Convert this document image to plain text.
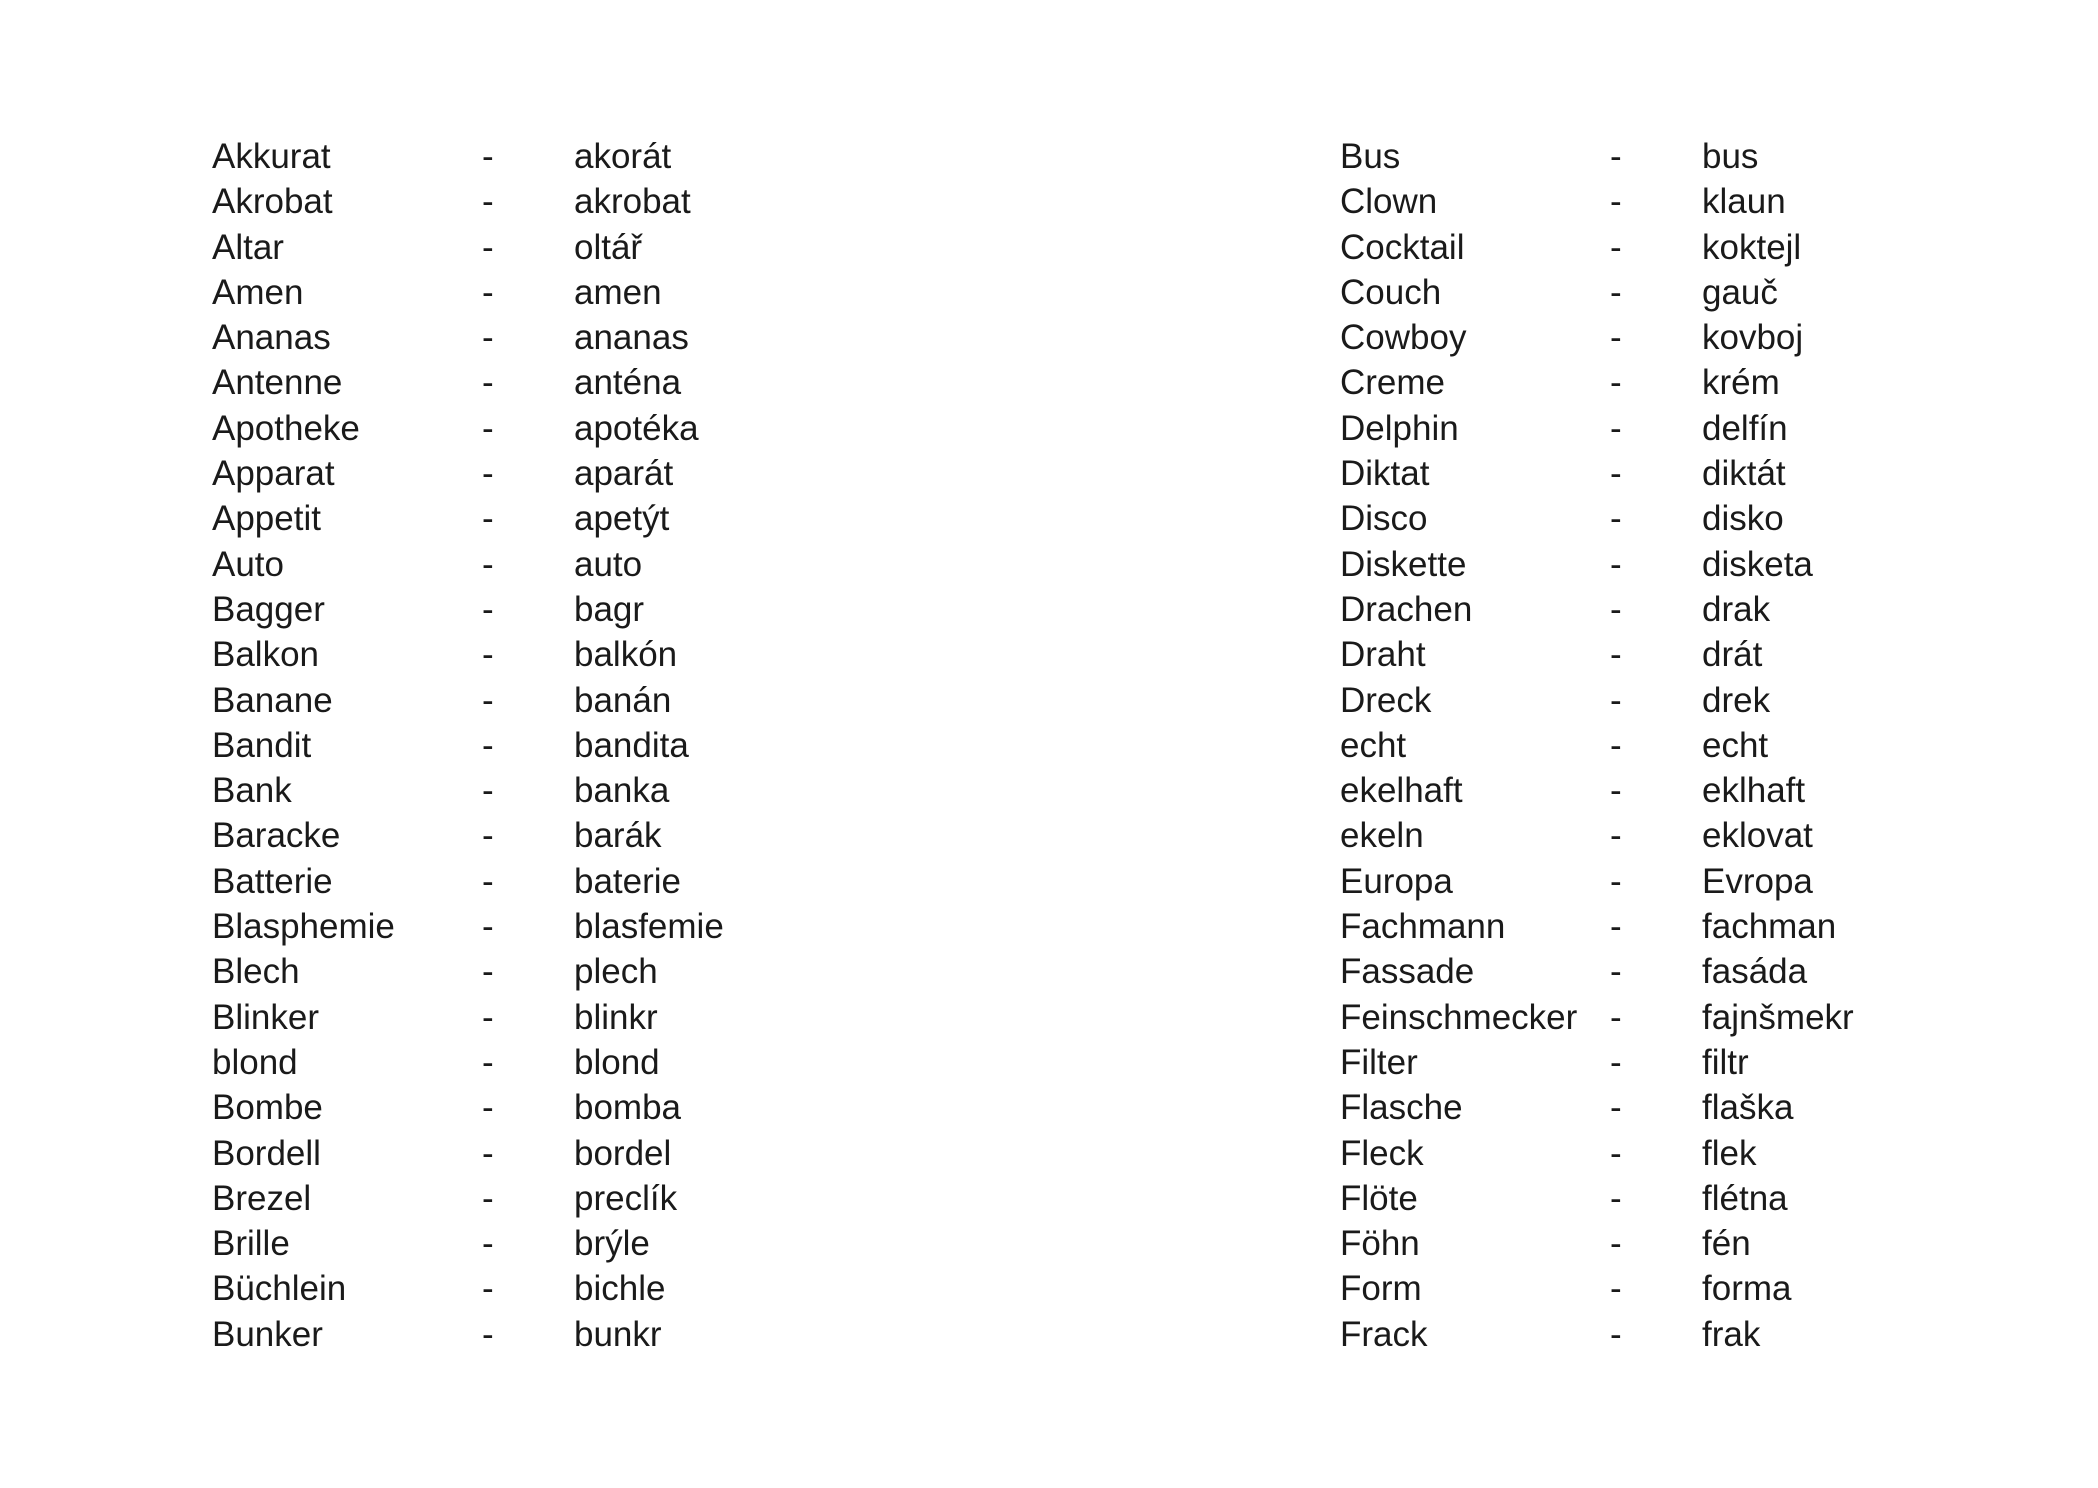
Akkurat	- akorát
Akrobat	- akrobat
Altar	- oltář
Amen	- amen
Ananas	- ananas
Antenne	- anténa
Apotheke	- apotéka
Apparat	- aparát
Appetit	- apetýt
Auto	- auto
Bagger	- bagr
Balkon	- balkón
Banane	- banán
Bandit	- bandita
Bank	- banka
Baracke	- barák
Batterie	- baterie
Blasphemie - blasfemie
Blech	- plech
Blinker	- blinkr
blond	- blond
Bombe	- bomba
Bordell	- bordel
Brezel	- preclík
Brille	- brýle
Büchlein	- bichle
Bunker	- bunkr
Bus	- bus
Clown	- klaun
Cocktail	- koktejl
Couch	- gauč
Cowboy	- kovboj
Creme	- krém
Delphin	- delfín
Diktat	- diktát
Disco	- disko
Diskette	- disketa
Drachen	- drak
Draht	- drát
Dreck	- drek
echt	- echt
ekelhaft	- eklhaft
ekeln	- eklovat
Europa	- Evropa
Fachmann	- fachman
Fassade	- fasáda
Feinschmecker - fajnšmekr
Filter	- filtr
Flasche	- flaška
Fleck	- flek
Flöte	- flétna
Föhn	- fén
Form	- forma
Frack	- frak
